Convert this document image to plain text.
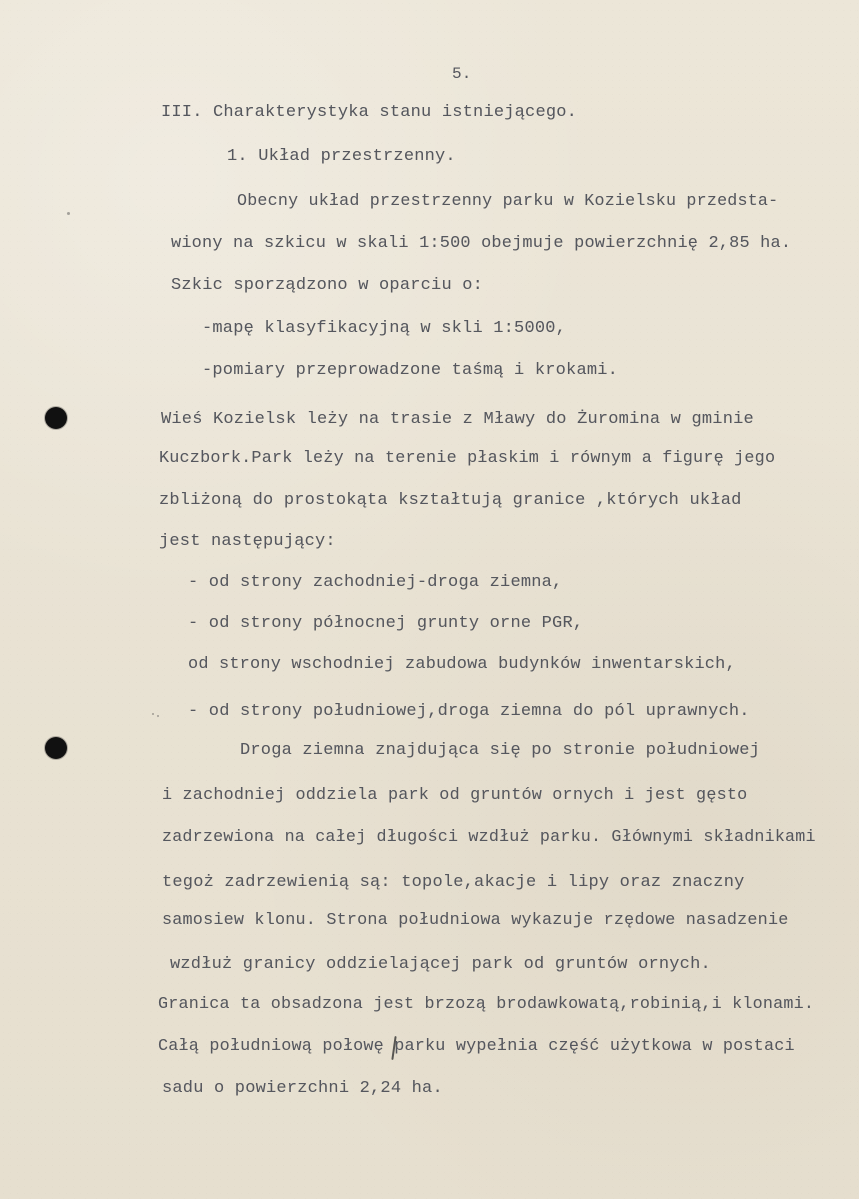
5.
III. Charakterystyka stanu istniejącego.
1. Układ przestrzenny.
Obecny układ przestrzenny parku w Kozielsku przedsta-
wiony na szkicu w skali 1:500 obejmuje powierzchnię 2,85 ha.
Szkic sporządzono w oparciu o:
-mapę klasyfikacyjną w skli 1:5000,
-pomiary przeprowadzone taśmą i krokami.
Wieś Kozielsk leży na trasie z Mławy do Żuromina w gminie
Kuczbork.Park leży na terenie płaskim i równym a figurę jego
zbliżoną do prostokąta kształtują granice ,których układ
jest następujący:
- od strony zachodniej-droga ziemna,
- od strony północnej grunty orne PGR,
od strony wschodniej zabudowa budynków inwentarskich,
- od strony południowej,droga ziemna do pól uprawnych.
Droga ziemna znajdująca się po stronie południowej
i zachodniej oddziela park od gruntów ornych i jest gęsto
zadrzewiona na całej długości wzdłuż parku. Głównymi składnikami
tegoż zadrzewienią są: topole,akacje i lipy oraz znaczny
samosiew klonu. Strona południowa wykazuje rzędowe nasadzenie
wzdłuż granicy oddzielającej park od gruntów ornych.
Granica ta obsadzona jest brzozą brodawkowatą,robinią,i klonami.
Całą południową połowę parku wypełnia część użytkowa w postaci
sadu o powierzchni 2,24 ha.
